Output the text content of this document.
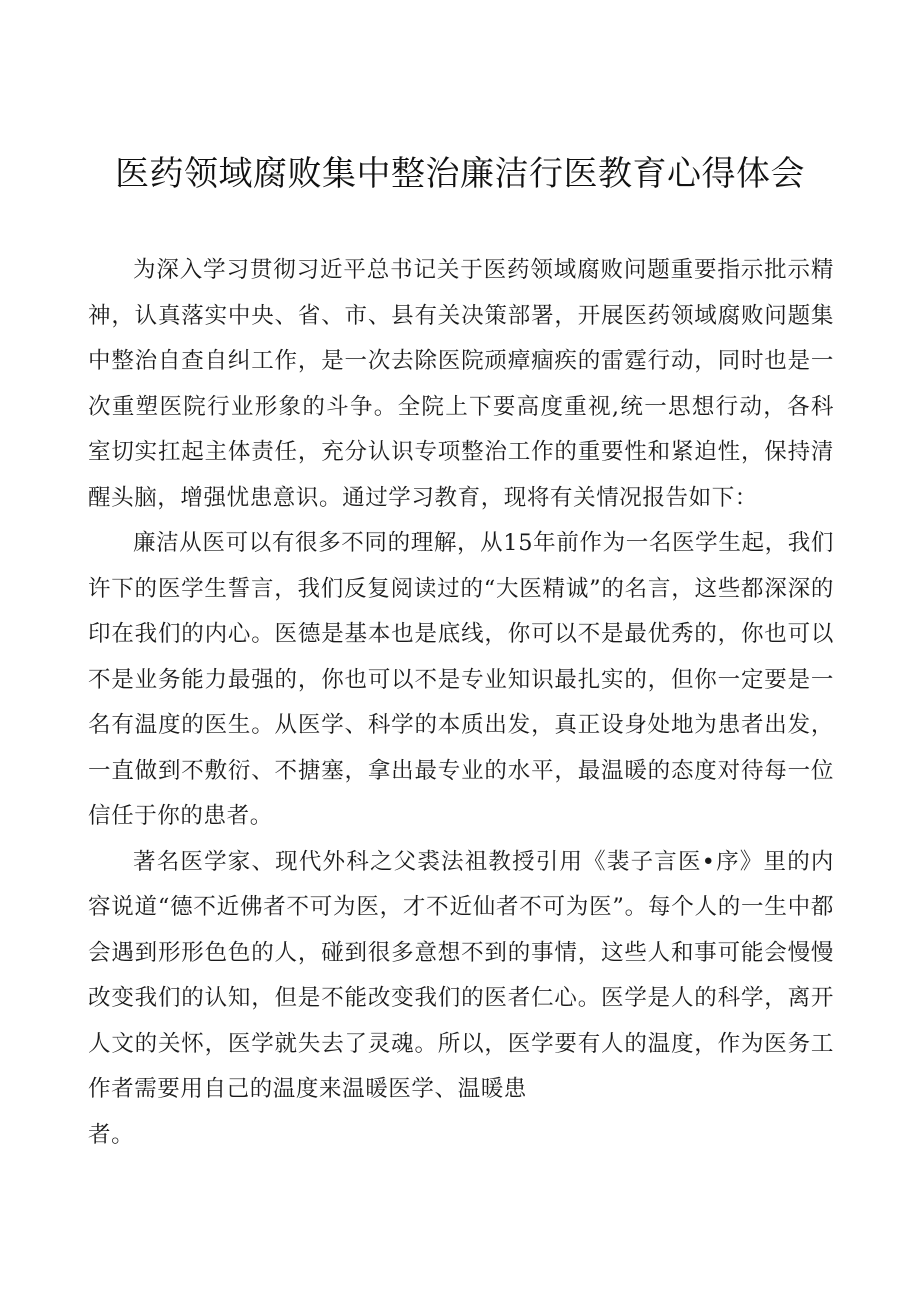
医药领域腐败集中整治廉洁行医教育心得体会

为深入学习贯彻习近平总书记关于医药领域腐败问题重要指示批示精神，认真落实中央、省、市、县有关决策部署，开展医药领域腐败问题集中整治自查自纠工作，是一次去除医院顽瘴痼疾的雷霆行动，同时也是一次重塑医院行业形象的斗争。全院上下要高度重视,统一思想行动，各科室切实扛起主体责任，充分认识专项整治工作的重要性和紧迫性，保持清醒头脑，增强忧患意识。通过学习教育，现将有关情况报告如下：

廉洁从医可以有很多不同的理解，从15年前作为一名医学生起，我们许下的医学生誓言，我们反复阅读过的“大医精诚”的名言，这些都深深的印在我们的内心。医德是基本也是底线，你可以不是最优秀的，你也可以不是业务能力最强的，你也可以不是专业知识最扎实的，但你一定要是一名有温度的医生。从医学、科学的本质出发，真正设身处地为患者出发，一直做到不敷衍、不搪塞，拿出最专业的水平，最温暖的态度对待每一位信任于你的患者。

著名医学家、现代外科之父裘法祖教授引用《裴子言医•序》里的内容说道“德不近佛者不可为医，才不近仙者不可为医”。每个人的一生中都会遇到形形色色的人，碰到很多意想不到的事情，这些人和事可能会慢慢改变我们的认知，但是不能改变我们的医者仁心。医学是人的科学，离开人文的关怀，医学就失去了灵魂。所以，医学要有人的温度，作为医务工作者需要用自己的温度来温暖医学、温暖患

者。
